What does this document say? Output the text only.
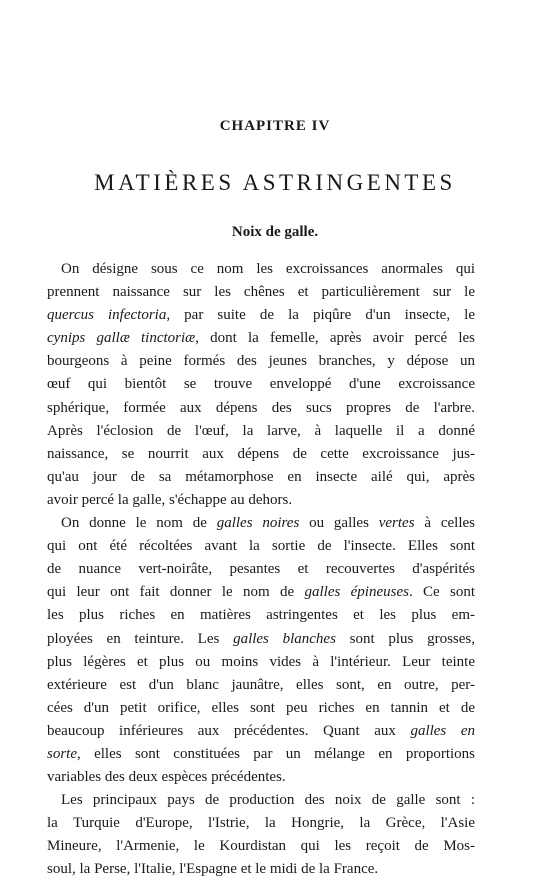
CHAPITRE IV
MATIÈRES ASTRINGENTES
Noix de galle.
On désigne sous ce nom les excroissances anormales qui
prennent naissance sur les chênes et particulièrement sur le
quercus infectoria, par suite de la piqûre d'un insecte, le
cynips gallæ tinctoriæ, dont la femelle, après avoir percé les
bourgeons à peine formés des jeunes branches, y dépose un
œuf qui bientôt se trouve enveloppé d'une excroissance
sphérique, formée aux dépens des sucs propres de l'arbre.
Après l'éclosion de l'œuf, la larve, à laquelle il a donné
naissance, se nourrit aux dépens de cette excroissance jus-
qu'au jour de sa métamorphose en insecte ailé qui, après
avoir percé la galle, s'échappe au dehors.
On donne le nom de galles noires ou galles vertes à celles
qui ont été récoltées avant la sortie de l'insecte. Elles sont
de nuance vert-noirâte, pesantes et recouvertes d'aspérités
qui leur ont fait donner le nom de galles épineuses. Ce sont
les plus riches en matières astringentes et les plus em-
ployées en teinture. Les galles blanches sont plus grosses,
plus légères et plus ou moins vides à l'intérieur. Leur teinte
extérieure est d'un blanc jaunâtre, elles sont, en outre, per-
cées d'un petit orifice, elles sont peu riches en tannin et de
beaucoup inférieures aux précédentes. Quant aux galles en
sorte, elles sont constituées par un mélange en proportions
variables des deux espèces précédentes.
Les principaux pays de production des noix de galle sont :
la Turquie d'Europe, l'Istrie, la Hongrie, la Grèce, l'Asie
Mineure, l'Armenie, le Kourdistan qui les reçoit de Mos-
soul, la Perse, l'Italie, l'Espagne et le midi de la France.
